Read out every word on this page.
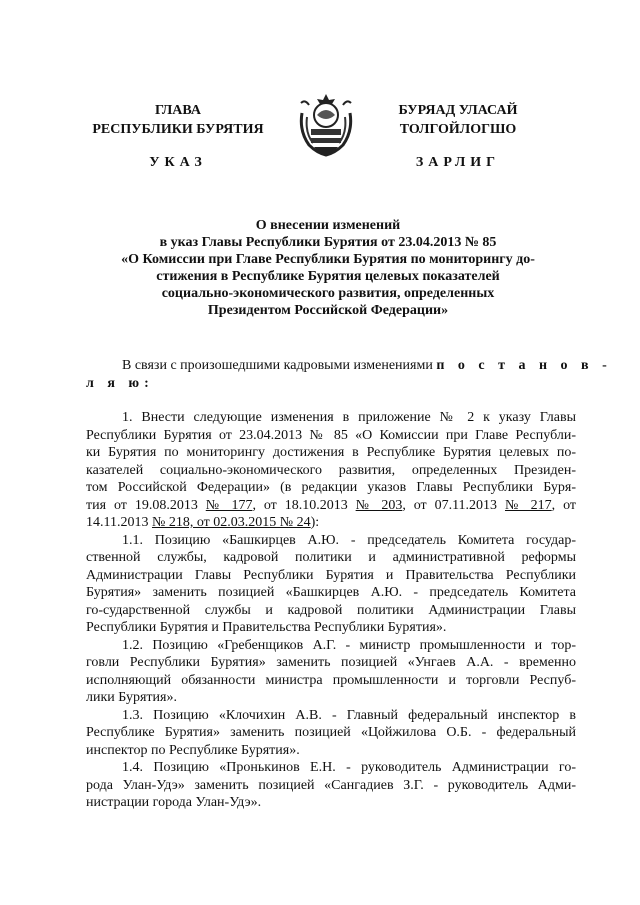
ГЛАВА
РЕСПУБЛИКИ БУРЯТИЯ
УКАЗ
БУРЯАД УЛАСАЙ
ТОЛГОЙЛОГШО
ЗАРЛИГ
О внесении изменений
в указ Главы Республики Бурятия от 23.04.2013 № 85
«О Комиссии при Главе Республики Бурятия по мониторингу до-
стижения в Республике Бурятия целевых показателей
социально-экономического развития, определенных
Президентом Российской Федерации»
В связи с произошедшими кадровыми изменениями п о с т а н о в -
л я ю:
1. Внести следующие изменения в приложение № 2 к указу Главы
Республики Бурятия от 23.04.2013 № 85 «О Комиссии при Главе Республи-
ки Бурятия по мониторингу достижения в Республике Бурятия целевых по-
казателей социально-экономического развития, определенных Президен-
том Российской Федерации» (в редакции указов Главы Республики Буря-
тия от 19.08.2013 № 177, от 18.10.2013 № 203, от 07.11.2013 № 217, от
14.11.2013 № 218, от 02.03.2015 № 24):
1.1. Позицию «Башкирцев А.Ю. - председатель Комитета государ-
ственной службы, кадровой политики и административной реформы
Администрации Главы Республики Бурятия и Правительства Республики
Бурятия» заменить позицией «Башкирцев А.Ю. - председатель Комитета
го-сударственной службы и кадровой политики Администрации Главы
Республики Бурятия и Правительства Республики Бурятия».
1.2. Позицию «Гребенщиков А.Г. - министр промышленности и тор-
говли Республики Бурятия» заменить позицией «Унгаев А.А. - временно
исполняющий обязанности министра промышленности и торговли Респуб-
лики Бурятия».
1.3. Позицию «Клочихин А.В. - Главный федеральный инспектор в
Республике Бурятия» заменить позицией «Цойжилова О.Б. - федеральный
инспектор по Республике Бурятия».
1.4. Позицию «Пронькинов Е.Н. - руководитель Администрации го-
рода Улан-Удэ» заменить позицией «Сангадиев З.Г. - руководитель Адми-
нистрации города Улан-Удэ».
